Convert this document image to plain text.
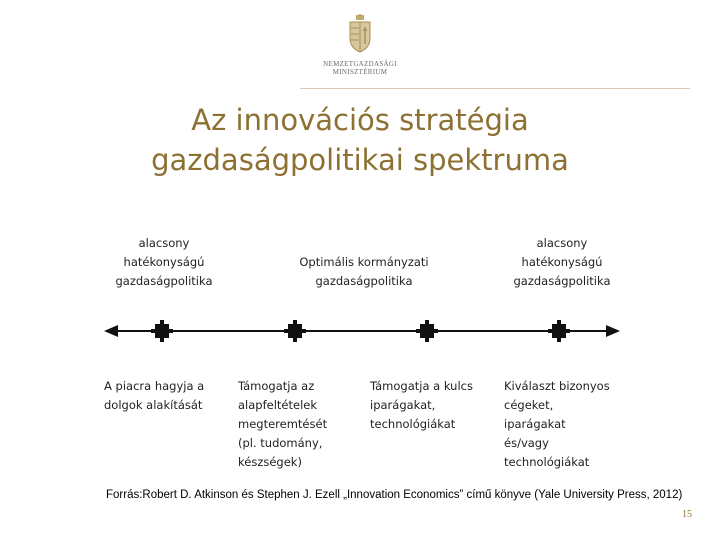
NEMZETGAZDASÁGI
MINISZTÉRIUM
Az innovációs stratégia
gazdaságpolitikai spektruma
alacsony
hatékonyságú
gazdaságpolitika
Optimális kormányzati
gazdaságpolitika
alacsony
hatékonyságú
gazdaságpolitika
A piacra hagyja a
dolgok alakítását
Támogatja az
alapfeltételek
megteremtését
(pl. tudomány,
készségek)
Támogatja a kulcs
iparágakat,
technológiákat
Kiválaszt bizonyos
cégeket,
iparágakat
és/vagy
technológiákat
Forrás:Robert D. Atkinson és Stephen J. Ezell „Innovation Economics” című könyve (Yale University Press, 2012)
15
